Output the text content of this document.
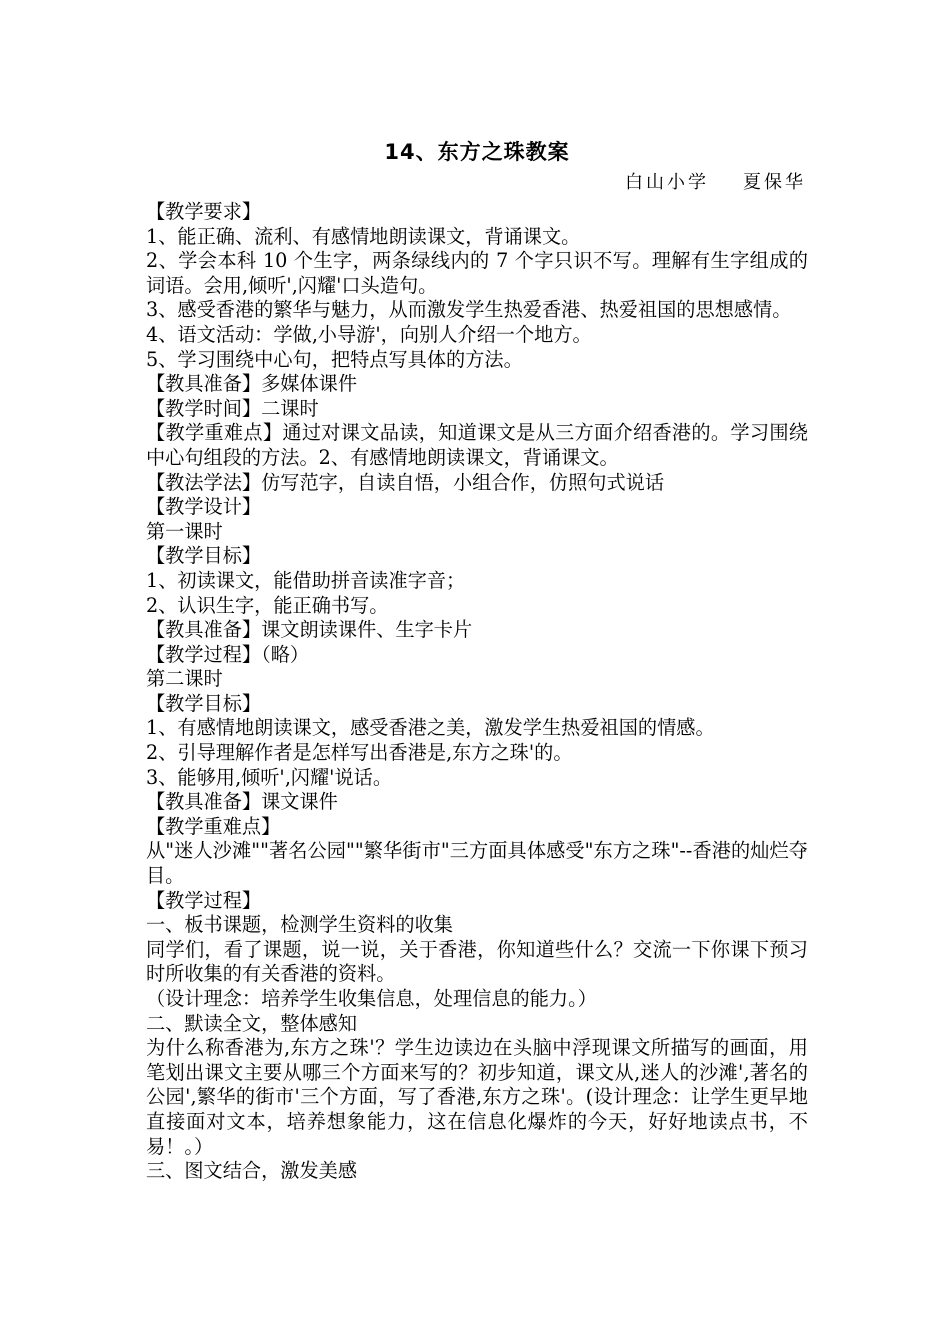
14、东方之珠教案
白山小学 夏保华

【教学要求】

1、能正确、流利、有感情地朗读课文，背诵课文。

2、学会本科 10 个生字，两条绿线内的 7 个字只识不写。理解有生字组成的词语。会用‚倾听'‚闪耀'口头造句。

3、感受香港的繁华与魅力，从而激发学生热爱香港、热爱祖国的思想感情。

4、语文活动：学做‚小导游'，向别人介绍一个地方。

5、学习围绕中心句，把特点写具体的方法。

【教具准备】多媒体课件

【教学时间】二课时

【教学重难点】通过对课文品读，知道课文是从三方面介绍香港的。学习围绕中心句组段的方法。2、有感情地朗读课文，背诵课文。

【教法学法】仿写范字，自读自悟，小组合作，仿照句式说话

【教学设计】

第一课时

【教学目标】

1、初读课文，能借助拼音读准字音；

2、认识生字，能正确书写。

【教具准备】课文朗读课件、生字卡片

【教学过程】（略）

第二课时

【教学目标】

1、有感情地朗读课文，感受香港之美，激发学生热爱祖国的情感。

2、引导理解作者是怎样写出香港是‚东方之珠'的。

3、能够用‚倾听'‚闪耀'说话。

【教具准备】课文课件

【教学重难点】

从"迷人沙滩""著名公园""繁华街市"三方面具体感受"东方之珠"--香港的灿烂夺目。

【教学过程】

一、板书课题，检测学生资料的收集

同学们，看了课题，说一说，关于香港，你知道些什么？交流一下你课下预习时所收集的有关香港的资料。

（设计理念：培养学生收集信息，处理信息的能力。）

二、默读全文，整体感知

为什么称香港为‚东方之珠'？学生边读边在头脑中浮现课文所描写的画面，用笔划出课文主要从哪三个方面来写的？初步知道，课文从‚迷人的沙滩'‚著名的公园'‚繁华的街市'三个方面，写了香港‚东方之珠'。(设计理念：让学生更早地直接面对文本，培养想象能力，这在信息化爆炸的今天，好好地读点书，不易！。）

三、图文结合，激发美感
